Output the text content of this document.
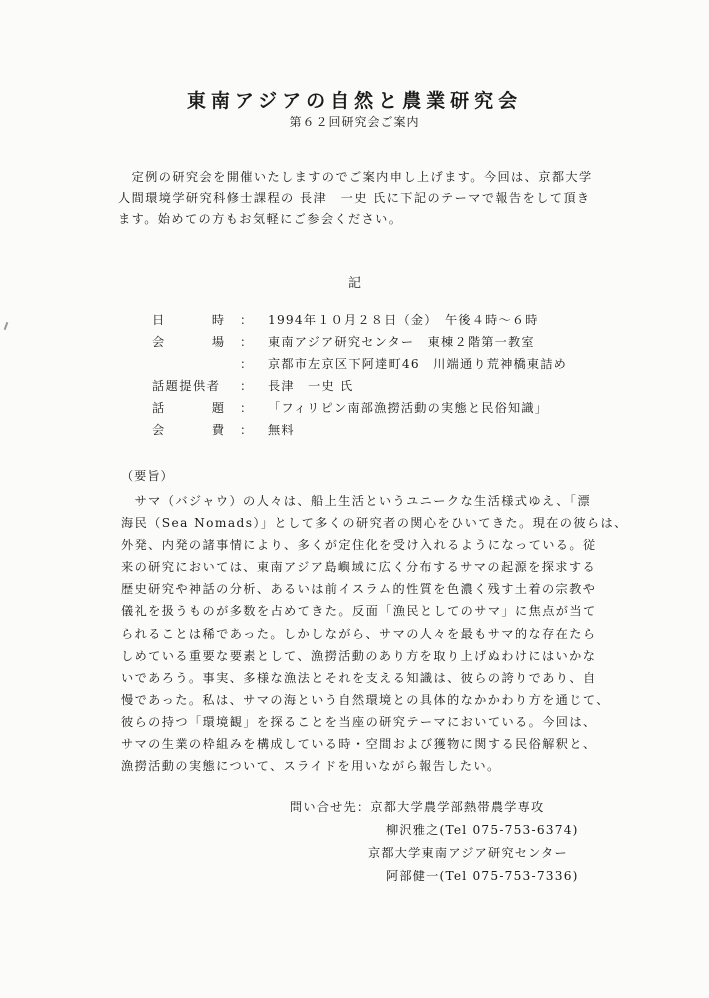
東南アジアの自然と農業研究会
第６２回研究会ご案内
　定例の研究会を開催いたしますのでご案内申し上げます。今回は、京都大学
人間環境学研究科修士課程の 長津　一史 氏に下記のテーマで報告をして頂き
ます。始めての方もお気軽にご参会ください。
記
日	時 ： 1994年１０月２８日（金）　午後４時～６時
会	場 ： 東南アジア研究センター　東棟２階第一教室
： 京都市左京区下阿達町46　川端通り荒神橋東詰め
話題提供者 ： 長津　一史 氏
話	題 ： 「フィリピン南部漁撈活動の実態と民俗知識」
会	費 ： 無料
（要旨）
　サマ（バジャウ）の人々は、船上生活というユニークな生活様式ゆえ、「漂
海民（Sea Nomads）」として多くの研究者の関心をひいてきた。現在の彼らは、
外発、内発の諸事情により、多くが定住化を受け入れるようになっている。従
来の研究においては、東南アジア島嶼域に広く分布するサマの起源を探求する
歴史研究や神話の分析、あるいは前イスラム的性質を色濃く残す土着の宗教や
儀礼を扱うものが多数を占めてきた。反面「漁民としてのサマ」に焦点が当て
られることは稀であった。しかしながら、サマの人々を最もサマ的な存在たら
しめている重要な要素として、漁撈活動のあり方を取り上げぬわけにはいかな
いであろう。事実、多様な漁法とそれを支える知識は、彼らの誇りであり、自
慢であった。私は、サマの海という自然環境との具体的なかかわり方を通じて、
彼らの持つ「環境観」を探ることを当座の研究テーマにおいている。今回は、
サマの生業の枠組みを構成している時・空間および獲物に関する民俗解釈と、
漁撈活動の実態について、スライドを用いながら報告したい。
問い合せ先：京都大学農学部熱帯農学専攻
柳沢雅之(Tel 075-753-6374)
京都大学東南アジア研究センター
阿部健一(Tel 075-753-7336)
